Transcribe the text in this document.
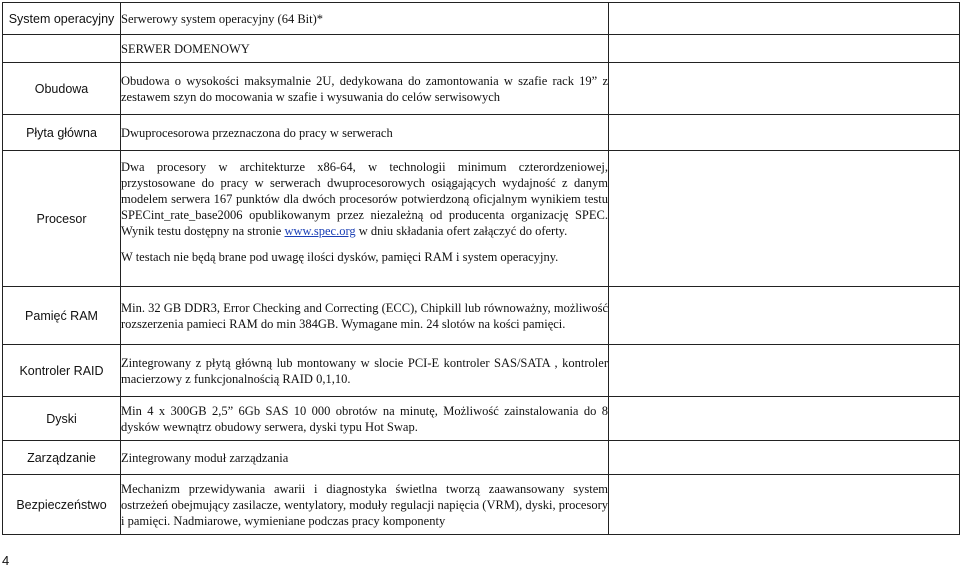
System operacyjny	Serwerowy system operacyjny (64 Bit)*	
	SERWER DOMENOWY	
Obudowa	Obudowa o wysokości maksymalnie 2U, dedykowana do zamontowania w szafie rack 19” z zestawem szyn do mocowania w szafie i wysuwania do celów serwisowych	
Płyta główna	Dwuprocesorowa przeznaczona do pracy w serwerach	
Procesor	Dwa procesory w architekturze x86-64, w technologii minimum czterordzeniowej, przystosowane do pracy w serwerach dwuprocesorowych osiągających wydajność z danym modelem serwera 167 punktów dla dwóch procesorów potwierdzoną oficjalnym wynikiem testu SPECint_rate_base2006 opublikowanym przez niezależną od producenta organizację SPEC. Wynik testu dostępny na stronie www.spec.org w dniu składania ofert załączyć do oferty.
W testach nie będą brane pod uwagę ilości dysków, pamięci RAM i system operacyjny.	

Pamięć RAM	Min. 32 GB DDR3, Error Checking and Correcting (ECC), Chipkill lub równoważny, możliwość rozszerzenia pamieci RAM do min 384GB. Wymagane min. 24 slotów na kości pamięci.	
Kontroler RAID	Zintegrowany z płytą główną lub montowany w slocie PCI-E kontroler SAS/SATA , kontroler macierzowy z funkcjonalnością RAID 0,1,10.	
Dyski	Min 4 x 300GB 2,5” 6Gb SAS 10 000 obrotów na minutę, Możliwość zainstalowania do 8 dysków wewnątrz obudowy serwera, dyski typu Hot Swap.	
Zarządzanie	Zintegrowany moduł zarządzania	
Bezpieczeństwo	Mechanizm przewidywania awarii i diagnostyka świetlna tworzą zaawansowany system ostrzeżeń obejmujący zasilacze, wentylatory, moduły regulacji napięcia (VRM), dyski, procesory i pamięci. Nadmiarowe, wymieniane podczas pracy komponenty	
4
